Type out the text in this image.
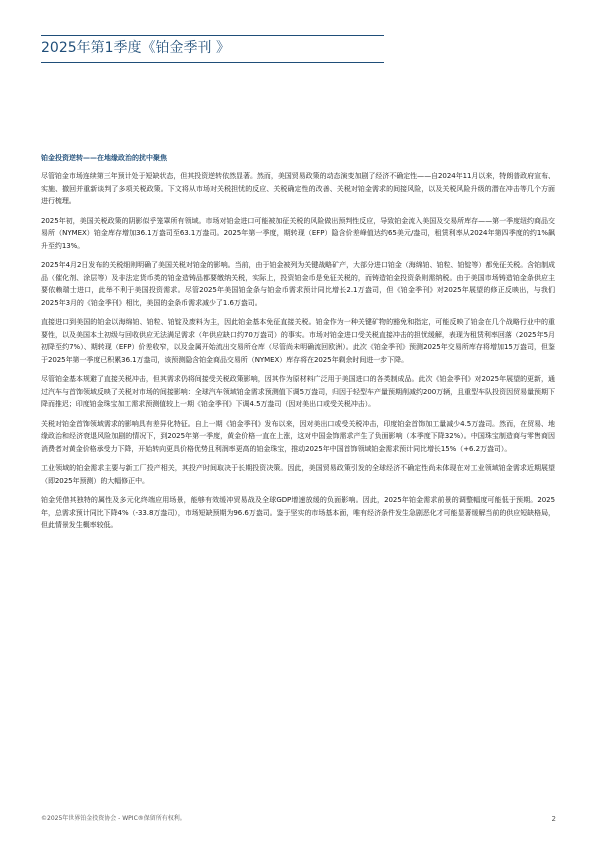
2025年第1季度《铂金季刊 》
铂金投资逆转——在地缘政治的扰中聚焦

尽管铂金市场连续第三年预计处于短缺状态，但其投资逆转依然显著。然而，美国贸易政策的动态演变加剧了经济不确定性——自2024年11月以来，特朗普政府宣布、实施、撤回并重新谈判了多项关税政策。下文将从市场对关税担忧的反应、关税确定性的改善、关税对铂金需求的间接风险，以及关税风险升级的潜在冲击等几个方面进行梳理。

2025年初，美国关税政策的阴影似乎笼罩所有领域。市场对铂金进口可能被加征关税的风险做出预判性反应，导致铂金流入美国及交易所库存——第一季度纽约商品交易所（NYMEX）铂金库存增加36.1万盎司至63.1万盎司。2025年第一季度，期转现（EFP）隐含价差峰值达约65美元/盎司，租赁利率从2024年第四季度的约1%飙升至约13%。

2025年4月2日发布的关税细则明确了美国关税对铂金的影响。当前，由于铂金被列为关键战略矿产，大部分进口铂金（海绵铂、铂粒、铂锭等）都免征关税。含铂制成品（催化剂、涂层等）及非法定货币类的铂金造铸品都要缴纳关税，实际上，投资铂金币是免征关税的，而铸造铂金投资条则需纳税。由于美国市场铸造铂金条供应主要依赖瑞士进口，此举不利于美国投资需求。尽管2025年美国铂金条与铂金币需求预计同比增长2.1万盎司，但《铂金季刊》对2025年展望的修正反映出，与我们2025年3月的《铂金季刊》相比，美国的金条币需求减少了1.6万盎司。

直接进口到美国的铂金以海绵铂、铂粒、铂锭及废料为主，因此铂金基本免征直接关税。铂金作为一种关键矿物的豁免和指定，可能反映了铂金在几个战略行业中的重要性，以及美国本土初级与回收供应无法满足需求（年供应缺口约70万盎司）的事实。市场对铂金进口受关税直接冲击的担忧缓解，表现为租赁利率回落（2025年5月初降至约7%）、期转现（EFP）价差收窄，以及金属开始流出交易所仓库（尽管尚未明确流回欧洲）。此次《铂金季刊》预测2025年交易所库存将增加15万盎司，但鉴于2025年第一季度已积累36.1万盎司，该预测隐含铂金商品交易所（NYMEX）库存将在2025年剩余时间进一步下降。

尽管铂金基本规避了直接关税冲击，但其需求仍将间接受关税政策影响，因其作为原材料广泛用于美国进口的各类制成品。此次《铂金季刊》对2025年展望的更新，通过汽车与首饰领域反映了关税对市场的间接影响：全球汽车领域铂金需求预测值下调5万盎司，归因于轻型车产量预期削减约200万辆，且重型车队投资因贸易量预期下降而推迟；印度铂金珠宝加工需求预测值较上一期《铂金季刊》下调4.5万盎司（因对美出口或受关税冲击）。

关税对铂金首饰领域需求的影响具有差异化特征。自上一期《铂金季刊》发布以来，因对美出口或受关税冲击，印度铂金首饰加工量减少4.5万盎司。然而，在贸易、地缘政治和经济衰退风险加剧的情况下，到2025年第一季度，黄金价格一直在上涨，这对中国金饰需求产生了负面影响（本季度下降32%）。中国珠宝制造商与零售商因消费者对黄金价格承受力下降，开始转向更具价格优势且利润率更高的铂金珠宝，推动2025年中国首饰领域铂金需求预计同比增长15%（+6.2万盎司）。

工业领域的铂金需求主要与新工厂投产相关，其投产时间取决于长期投资决策。因此，美国贸易政策引发的全球经济不确定性尚未体现在对工业领域铂金需求近期展望（即2025年预测）的大幅修正中。

铂金凭借其独特的属性及多元化终端应用场景，能够有效缓冲贸易战及全球GDP增速放缓的负面影响。因此，2025年铂金需求前景的调整幅度可能低于预期。2025年，总需求预计同比下降4%（-33.8万盎司），市场短缺预期为96.6万盎司。鉴于坚实的市场基本面，唯有经济条件发生急剧恶化才可能显著缓解当前的供应短缺格局，但此情景发生概率较低。

©2025年世界铂金投资协会 - WPIC®保留所有权利。	2
